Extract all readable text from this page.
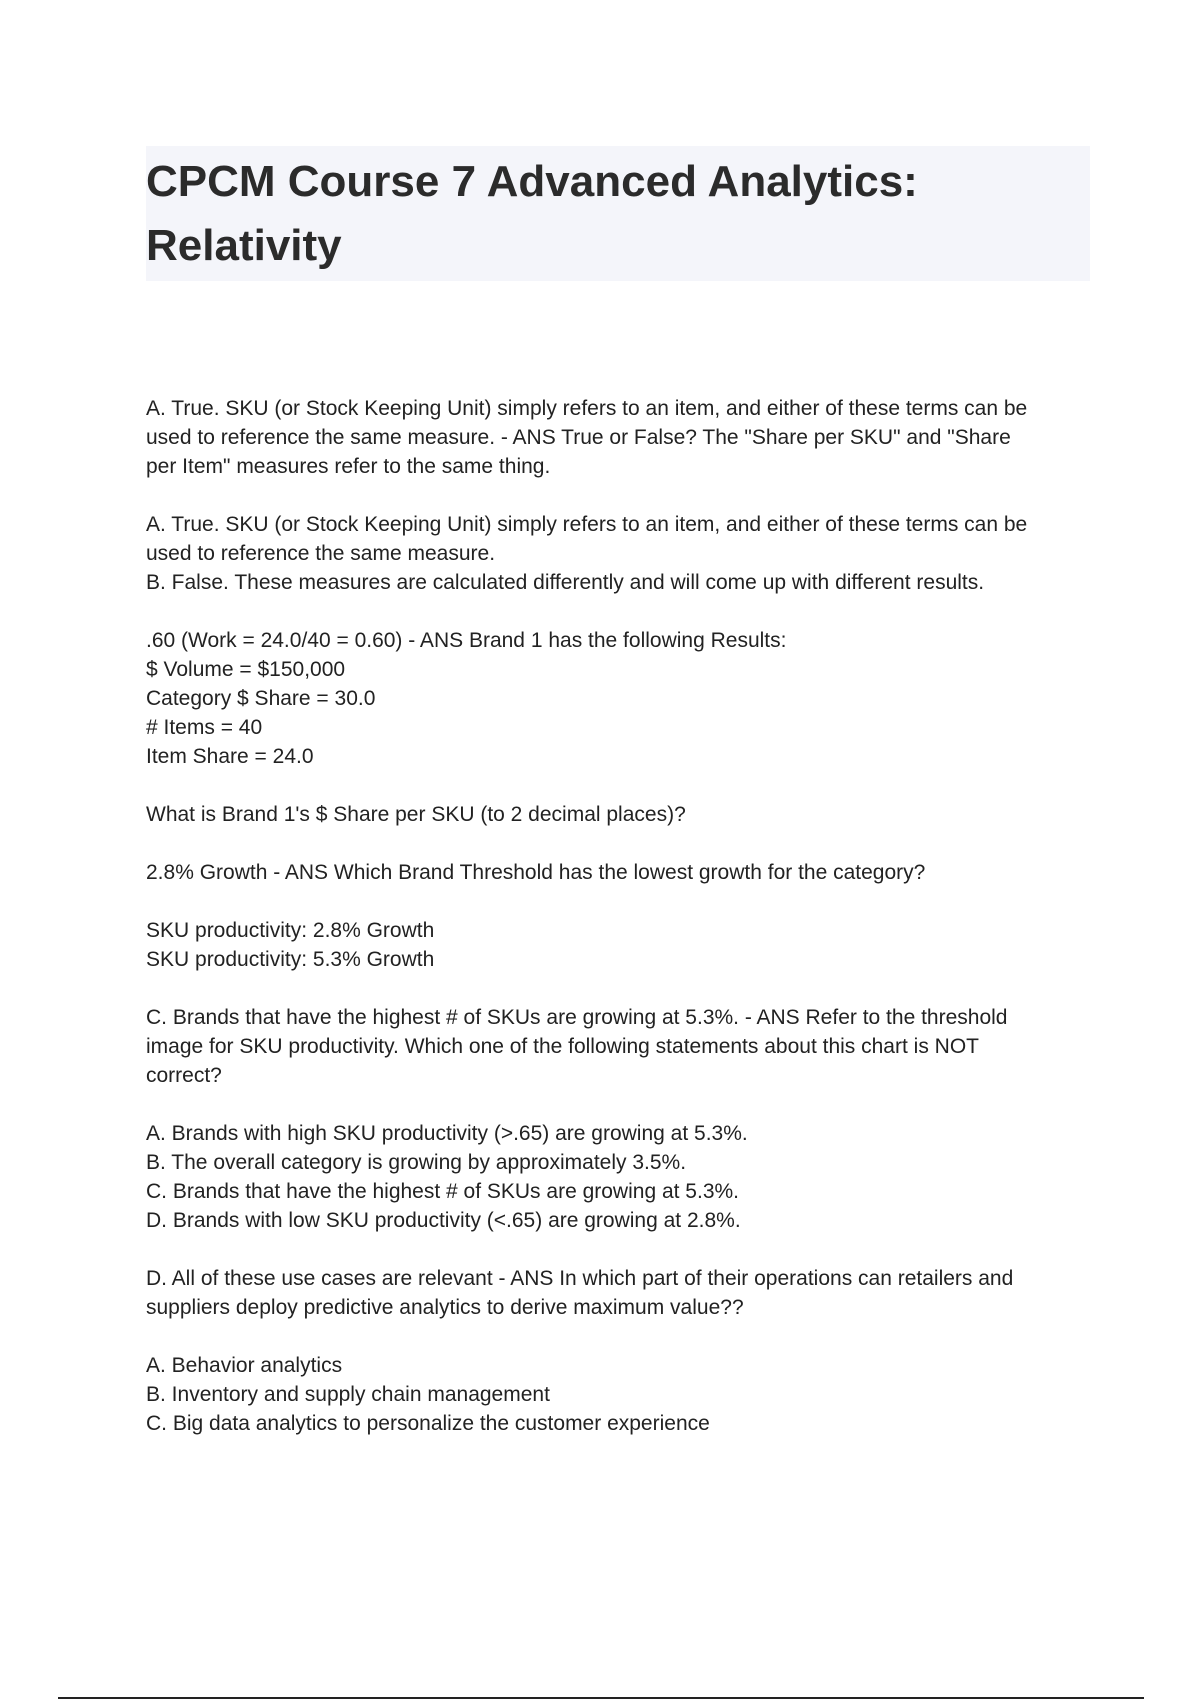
CPCM Course 7 Advanced Analytics:
Relativity

A. True. SKU (or Stock Keeping Unit) simply refers to an item, and either of these terms can be
used to reference the same measure. - ANS True or False? The "Share per SKU" and "Share
per Item" measures refer to the same thing.

A. True. SKU (or Stock Keeping Unit) simply refers to an item, and either of these terms can be
used to reference the same measure.
B. False. These measures are calculated differently and will come up with different results.

.60 (Work = 24.0/40 = 0.60) - ANS Brand 1 has the following Results:
$ Volume = $150,000
Category $ Share = 30.0
# Items = 40
Item Share = 24.0

What is Brand 1's $ Share per SKU (to 2 decimal places)?

2.8% Growth - ANS Which Brand Threshold has the lowest growth for the category?

SKU productivity: 2.8% Growth
SKU productivity: 5.3% Growth

C. Brands that have the highest # of SKUs are growing at 5.3%. - ANS Refer to the threshold
image for SKU productivity. Which one of the following statements about this chart is NOT
correct?

A. Brands with high SKU productivity (>.65) are growing at 5.3%.
B. The overall category is growing by approximately 3.5%.
C. Brands that have the highest # of SKUs are growing at 5.3%.
D. Brands with low SKU productivity (<.65) are growing at 2.8%.

D. All of these use cases are relevant - ANS In which part of their operations can retailers and
suppliers deploy predictive analytics to derive maximum value??

A. Behavior analytics
B. Inventory and supply chain management
C. Big data analytics to personalize the customer experience
